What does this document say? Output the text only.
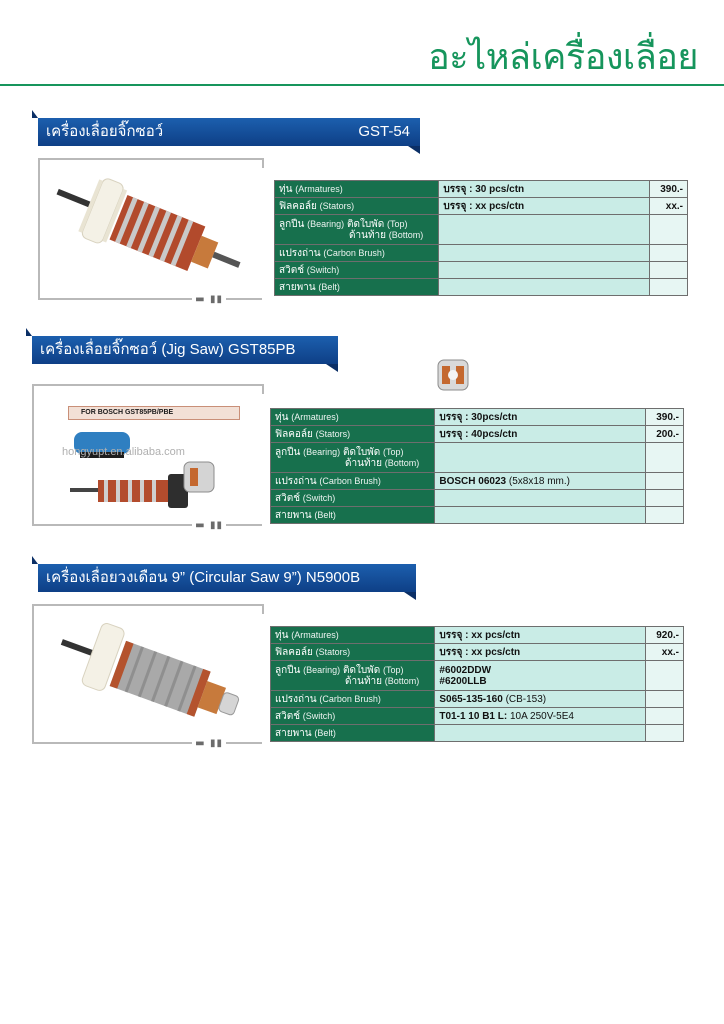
อะไหล่เครื่องเลื่อย
เครื่องเลื่อยจิ๊กซอว์	GST-54
▬ ▮▮
ทุ่น (Armatures)	บรรจุ : 30 pcs/ctn	390.-
ฟิลคอล์ย (Stators)	บรรจุ : xx pcs/ctn	xx.-

ลูกปืน (Bearing) ติดใบพัด (Top)
ด้านท้าย (Bottom)		

แปรงถ่าน (Carbon Brush)		
สวิตช์ (Switch)		
สายพาน (Belt)		
เครื่องเลื่อยจิ๊กซอว์ (Jig Saw) GST85PB
FOR BOSCH GST85PB/PBE
hongyupt.en.alibaba.com
▬ ▮▮
ทุ่น (Armatures)	บรรจุ : 30pcs/ctn	390.-
ฟิลคอล์ย (Stators)	บรรจุ : 40pcs/ctn	200.-

ลูกปืน (Bearing) ติดใบพัด (Top)
ด้านท้าย (Bottom)		

แปรงถ่าน (Carbon Brush)	BOSCH 06023 (5x8x18 mm.)	
สวิตช์ (Switch)		
สายพาน (Belt)		
เครื่องเลื่อยวงเดือน 9” (Circular Saw 9”) N5900B
▬ ▮▮
ทุ่น (Armatures)	บรรจุ : xx pcs/ctn	920.-
ฟิลคอล์ย (Stators)	บรรจุ : xx pcs/ctn	xx.-

ลูกปืน (Bearing) ติดใบพัด (Top)
ด้านท้าย (Bottom)	#6002DDW
#6200LLB	

แปรงถ่าน (Carbon Brush)	S065-135-160 (CB-153)	
สวิตช์ (Switch)	T01-1 10 B1 L: 10A 250V-5E4	
สายพาน (Belt)		
